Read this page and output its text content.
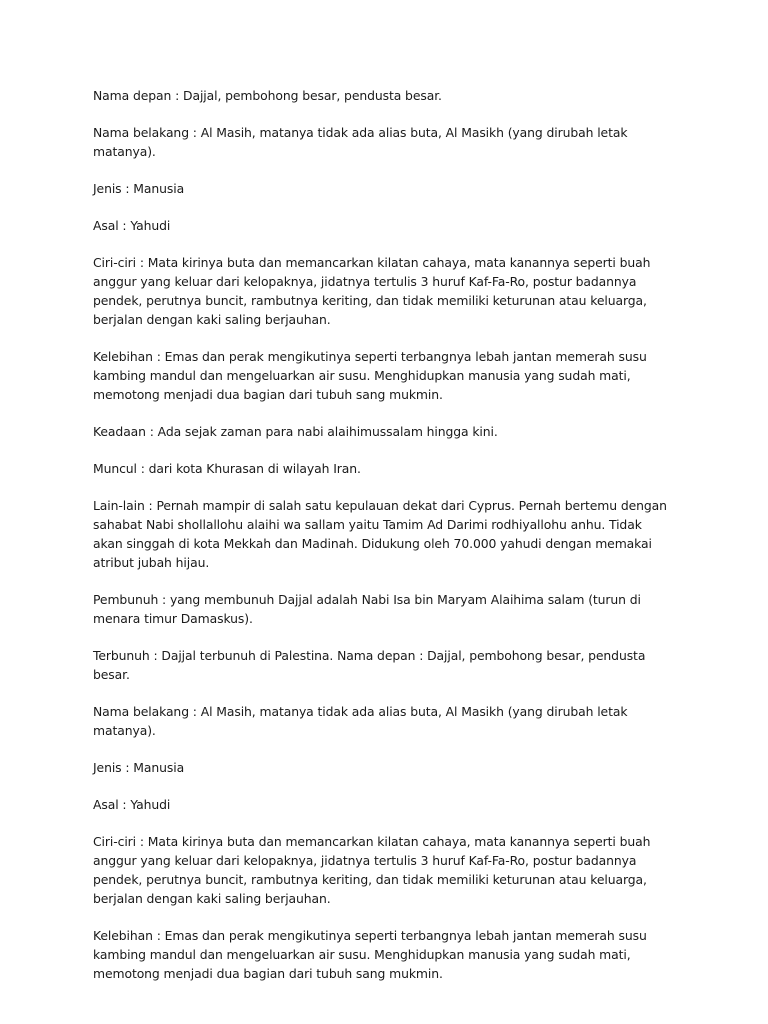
Nama depan : Dajjal, pembohong besar, pendusta besar.

Nama belakang : Al Masih, matanya tidak ada alias buta, Al Masikh (yang dirubah letak matanya).

Jenis : Manusia

Asal : Yahudi

Ciri-ciri : Mata kirinya buta dan memancarkan kilatan cahaya, mata kanannya seperti buah anggur yang keluar dari kelopaknya, jidatnya tertulis 3 huruf Kaf-Fa-Ro, postur badannya pendek, perutnya buncit, rambutnya keriting, dan tidak memiliki keturunan atau keluarga, berjalan dengan kaki saling berjauhan.

Kelebihan : Emas dan perak mengikutinya seperti terbangnya lebah jantan memerah susu kambing mandul dan mengeluarkan air susu. Menghidupkan manusia yang sudah mati, memotong menjadi dua bagian dari tubuh sang mukmin.

Keadaan : Ada sejak zaman para nabi alaihimussalam hingga kini.

Muncul : dari kota Khurasan di wilayah Iran.

Lain-lain : Pernah mampir di salah satu kepulauan dekat dari Cyprus. Pernah bertemu dengan sahabat Nabi shollallohu alaihi wa sallam yaitu Tamim Ad Darimi rodhiyallohu anhu. Tidak akan singgah di kota Mekkah dan Madinah. Didukung oleh 70.000 yahudi dengan memakai atribut jubah hijau.

Pembunuh : yang membunuh Dajjal adalah Nabi Isa bin Maryam Alaihima salam (turun di menara timur Damaskus).

Terbunuh : Dajjal terbunuh di Palestina. Nama depan : Dajjal, pembohong besar, pendusta besar.

Nama belakang : Al Masih, matanya tidak ada alias buta, Al Masikh (yang dirubah letak matanya).

Jenis : Manusia

Asal : Yahudi

Ciri-ciri : Mata kirinya buta dan memancarkan kilatan cahaya, mata kanannya seperti buah anggur yang keluar dari kelopaknya, jidatnya tertulis 3 huruf Kaf-Fa-Ro, postur badannya pendek, perutnya buncit, rambutnya keriting, dan tidak memiliki keturunan atau keluarga, berjalan dengan kaki saling berjauhan.

Kelebihan : Emas dan perak mengikutinya seperti terbangnya lebah jantan memerah susu kambing mandul dan mengeluarkan air susu. Menghidupkan manusia yang sudah mati, memotong menjadi dua bagian dari tubuh sang mukmin.
